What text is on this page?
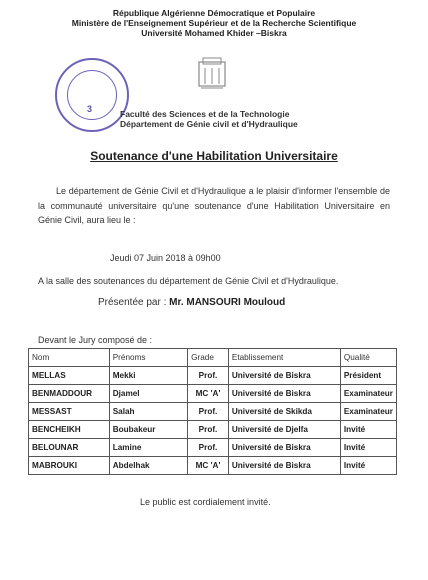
République Algérienne Démocratique et Populaire
Ministère de l'Enseignement Supérieur et de la Recherche Scientifique
Université Mohamed Khider –Biskra
3	Faculté des Sciences et de la Technologie
Département de Génie civil et d'Hydraulique
Soutenance d'une Habilitation Universitaire
Le département de Génie Civil et d'Hydraulique a le plaisir d'informer l'ensemble de la communauté universitaire qu'une soutenance d'une Habilitation Universitaire en Génie Civil, aura lieu le :
Jeudi 07 Juin 2018 à 09h00
A la salle des soutenances du département de Génie Civil et d'Hydraulique.
Présentée par : Mr. MANSOURI Mouloud
Devant le Jury composé de :
Nom	Prénoms	Grade	Etablissement	Qualité
MELLAS	Mekki	Prof.	Université de Biskra	Président
BENMADDOUR	Djamel	MC 'A'	Université de Biskra	Examinateur
MESSAST	Salah	Prof.	Université de Skikda	Examinateur
BENCHEIKH	Boubakeur	Prof.	Université de Djelfa	Invité
BELOUNAR	Lamine	Prof.	Université de Biskra	Invité
MABROUKI	Abdelhak	MC 'A'	Université de Biskra	Invité
Le public est cordialement invité.
